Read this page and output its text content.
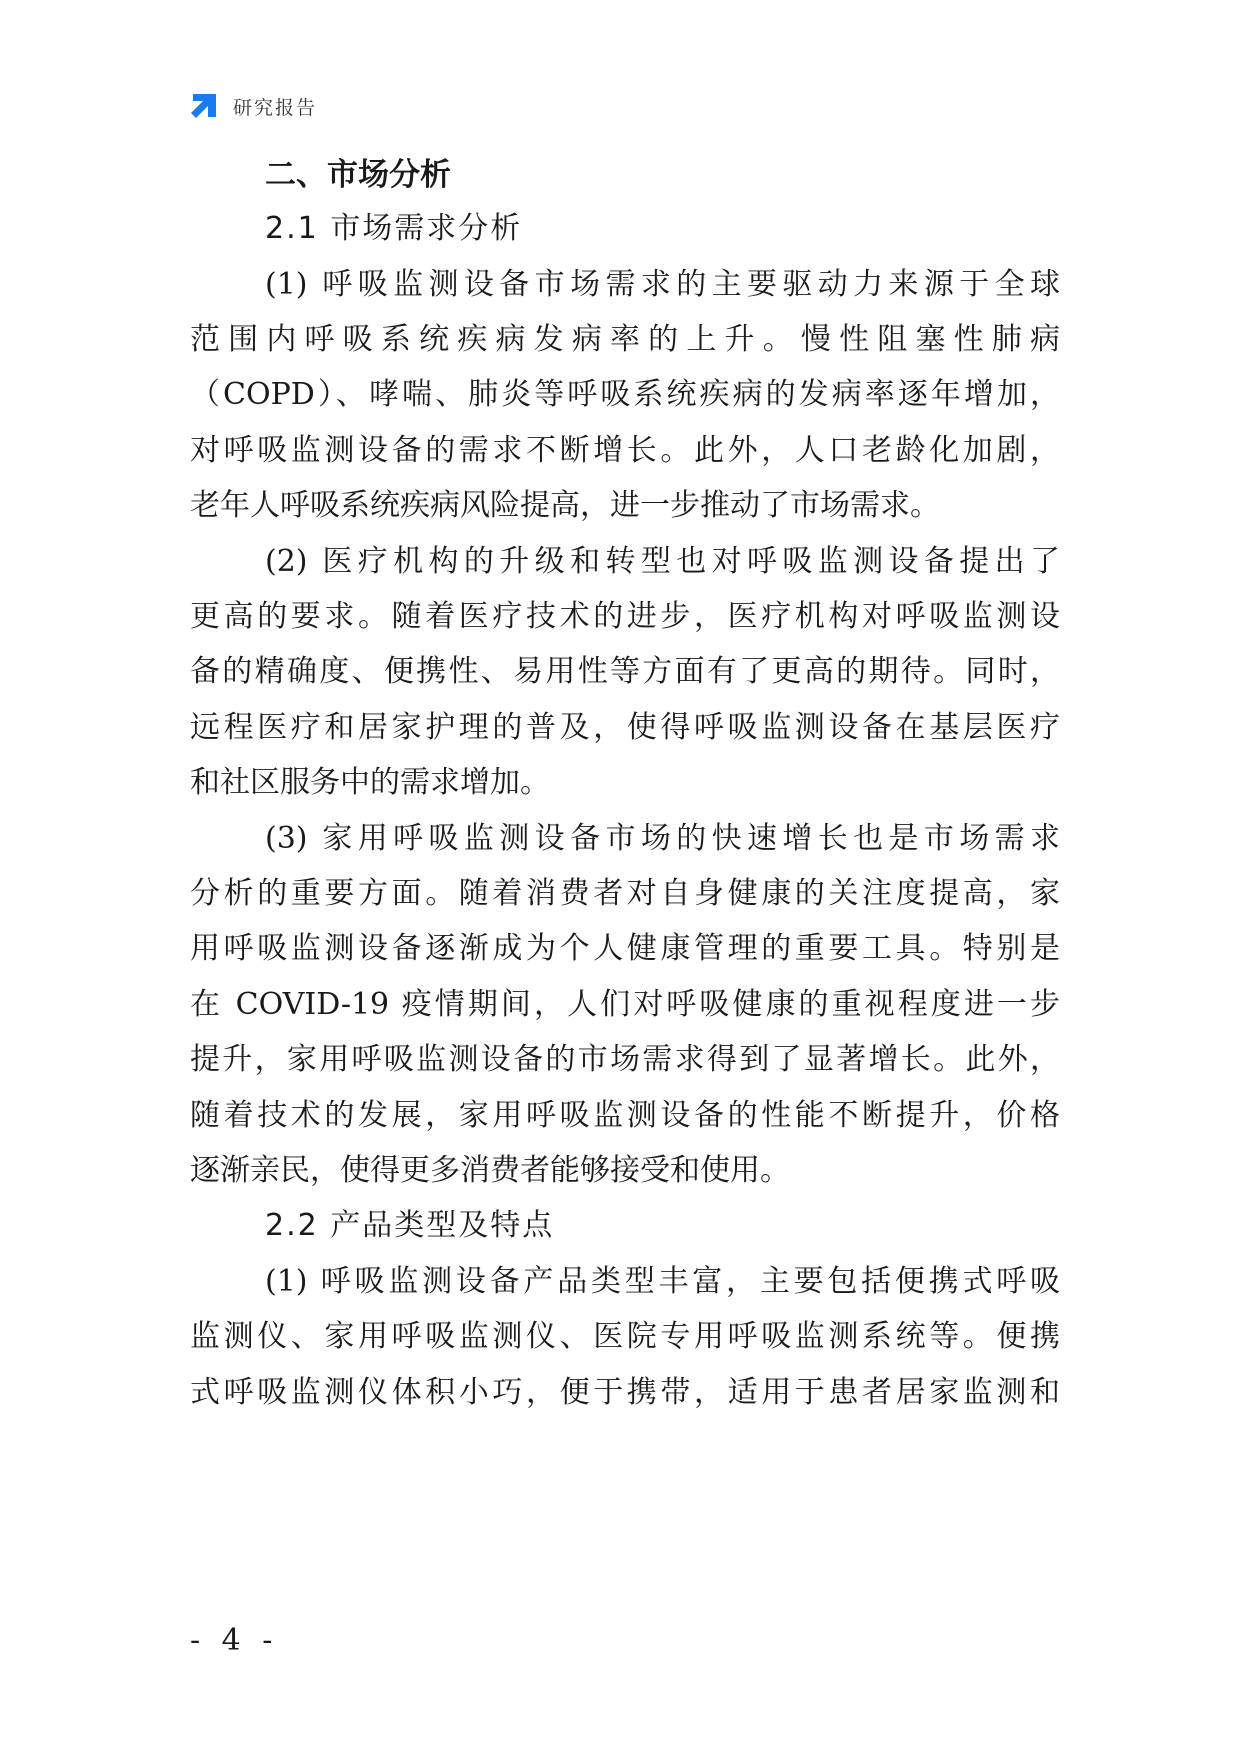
研究报告
二、市场分析
2.1 市场需求分析
(1) 呼吸监测设备市场需求的主要驱动力来源于全球
范围内呼吸系统疾病发病率的上升。慢性阻塞性肺病
（COPD）、哮喘、肺炎等呼吸系统疾病的发病率逐年增加，
对呼吸监测设备的需求不断增长。此外，人口老龄化加剧，
老年人呼吸系统疾病风险提高，进一步推动了市场需求。
(2) 医疗机构的升级和转型也对呼吸监测设备提出了
更高的要求。随着医疗技术的进步，医疗机构对呼吸监测设
备的精确度、便携性、易用性等方面有了更高的期待。同时，
远程医疗和居家护理的普及，使得呼吸监测设备在基层医疗
和社区服务中的需求增加。
(3) 家用呼吸监测设备市场的快速增长也是市场需求
分析的重要方面。随着消费者对自身健康的关注度提高，家
用呼吸监测设备逐渐成为个人健康管理的重要工具。特别是
在 COVID-19 疫情期间，人们对呼吸健康的重视程度进一步
提升，家用呼吸监测设备的市场需求得到了显著增长。此外，
随着技术的发展，家用呼吸监测设备的性能不断提升，价格
逐渐亲民，使得更多消费者能够接受和使用。
2.2 产品类型及特点
(1) 呼吸监测设备产品类型丰富，主要包括便携式呼吸
监测仪、家用呼吸监测仪、医院专用呼吸监测系统等。便携
式呼吸监测仪体积小巧，便于携带，适用于患者居家监测和
- 4 -
